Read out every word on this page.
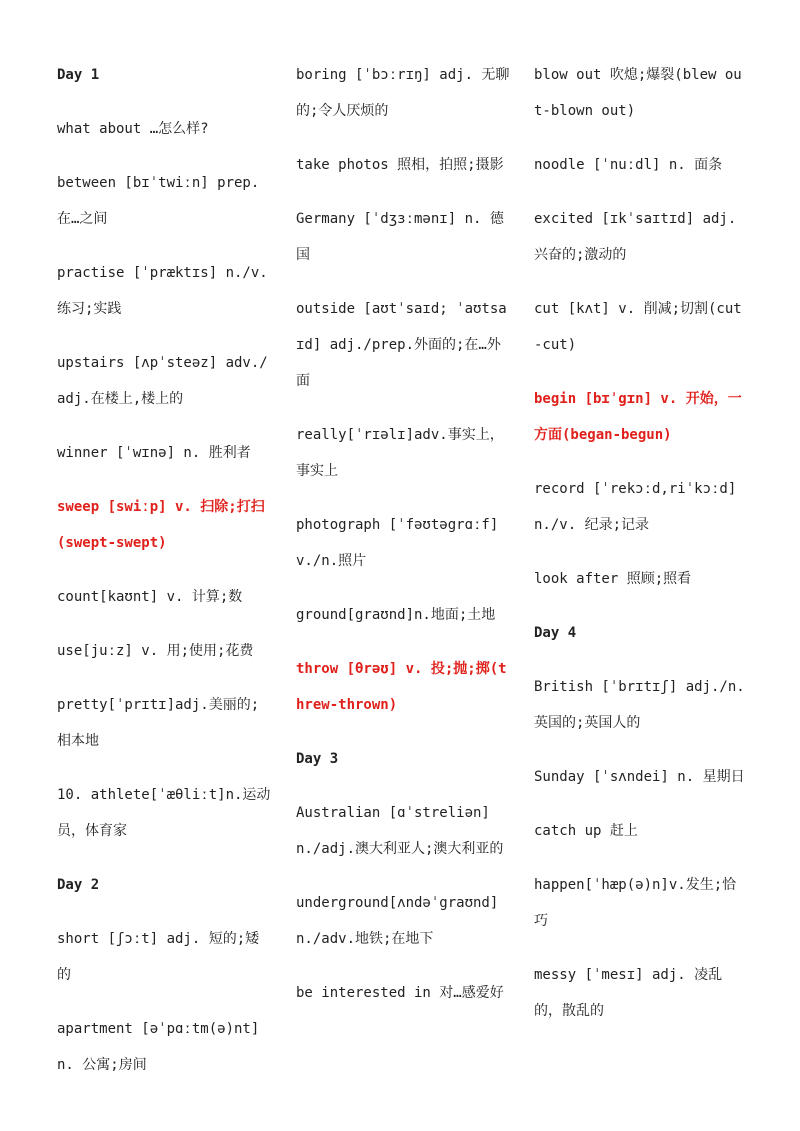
Day 1
what about …怎么样?
between [bɪˈtwiːn] prep. 在…之间
practise [ˈpræktɪs] n./v. 练习;实践
upstairs [ʌpˈsteəz] adv./adj.在楼上,楼上的
winner [ˈwɪnə] n. 胜利者
sweep [swiːp] v. 扫除;打扫(swept-swept)
count[kaʊnt] v. 计算;数
use[juːz] v. 用;使用;花费
pretty[ˈprɪtɪ]adj.美丽的;相本地
10. athlete[ˈæθliːt]n.运动员，体育家
Day 2
short [ʃɔːt] adj. 短的;矮的
apartment [əˈpɑːtm(ə)nt] n. 公寓;房间
boring [ˈbɔːrɪŋ] adj. 无聊的;令人厌烦的
take photos 照相，拍照;摄影
Germany [ˈdʒɜːmənɪ] n. 德国
outside [aʊtˈsaɪd; ˈaʊtsaɪd] adj./prep.外面的;在…外面
really[ˈrɪəlɪ]adv.事实上，事实上
photograph [ˈfəʊtəgrɑːf] v./n.照片
ground[graʊnd]n.地面;土地
throw [θrəʊ] v. 投;抛;掷(threw-thrown)
Day 3
Australian [ɑˈstreliən] n./adj.澳大利亚人;澳大利亚的
underground[ʌndəˈgraʊnd] n./adv.地铁;在地下
be interested in 对…感爱好
blow out 吹熄;爆裂(blew out-blown out)
noodle [ˈnuːdl] n. 面条
excited [ɪkˈsaɪtɪd] adj. 兴奋的;激动的
cut [kʌt] v. 削减;切割(cut-cut)
begin [bɪˈgɪn] v. 开始，一方面(began-begun)
record [ˈrekɔːd,riˈkɔːd] n./v. 纪录;记录
look after 照顾;照看
Day 4
British [ˈbrɪtɪʃ] adj./n. 英国的;英国人的
Sunday [ˈsʌndei] n. 星期日
catch up 赶上
happen[ˈhæp(ə)n]v.发生;恰巧
messy [ˈmesɪ] adj. 凌乱的，散乱的
